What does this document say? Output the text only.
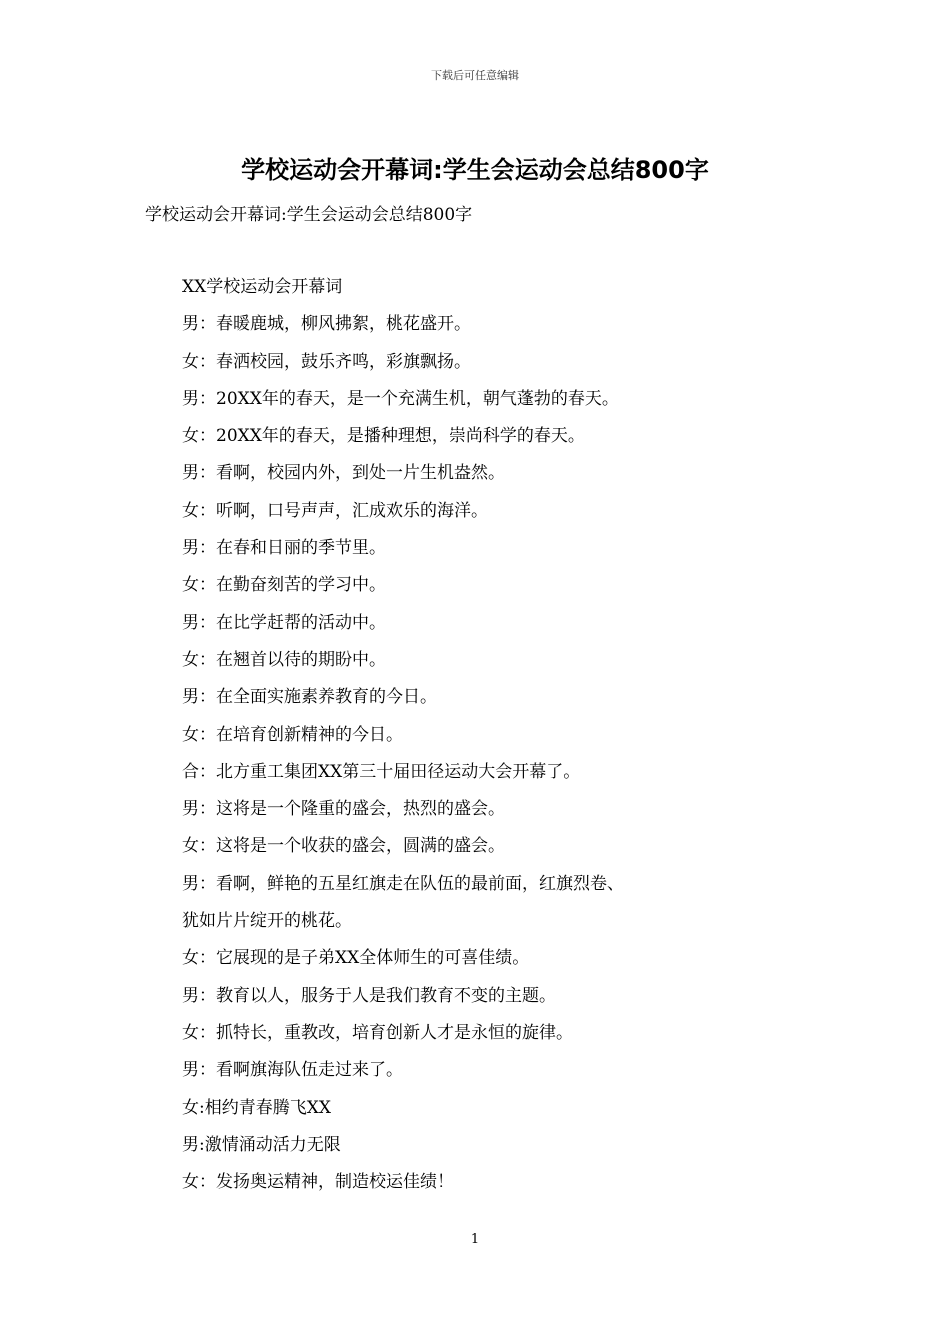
下载后可任意编辑
学校运动会开幕词:学生会运动会总结800字

学校运动会开幕词:学生会运动会总结800字

XX学校运动会开幕词
男：春暖鹿城，柳风拂絮，桃花盛开。
女：春洒校园，鼓乐齐鸣，彩旗飘扬。
男：20XX年的春天，是一个充满生机，朝气蓬勃的春天。
女：20XX年的春天，是播种理想，崇尚科学的春天。
男：看啊，校园内外，到处一片生机盎然。
女：听啊，口号声声，汇成欢乐的海洋。
男：在春和日丽的季节里。
女：在勤奋刻苦的学习中。
男：在比学赶帮的活动中。
女：在翘首以待的期盼中。
男：在全面实施素养教育的今日。
女：在培育创新精神的今日。
合：北方重工集团XX第三十届田径运动大会开幕了。
男：这将是一个隆重的盛会，热烈的盛会。
女：这将是一个收获的盛会，圆满的盛会。
男：看啊，鲜艳的五星红旗走在队伍的最前面，红旗烈卷、
犹如片片绽开的桃花。
女：它展现的是子弟XX全体师生的可喜佳绩。
男：教育以人，服务于人是我们教育不变的主题。
女：抓特长，重教改，培育创新人才是永恒的旋律。
男：看啊旗海队伍走过来了。
女:相约青春腾飞XX
男:激情涌动活力无限
女：发扬奥运精神，制造校运佳绩！
1
